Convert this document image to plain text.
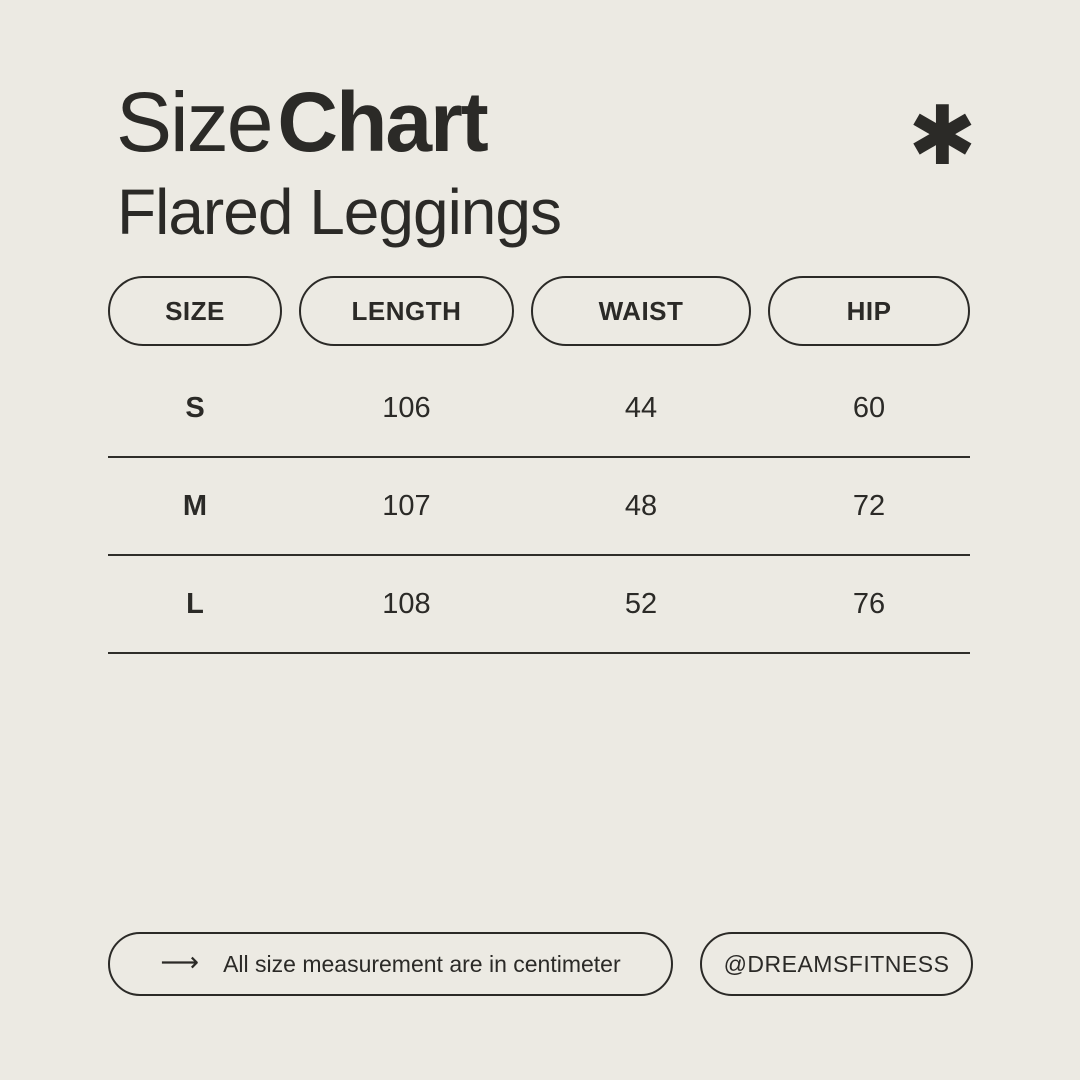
SizeChart
Flared Leggings
✱
SIZE	LENGTH	WAIST	HIP
S	106	44	60
M	107	48	72
L	108	52	76
⟶ All size measurement are in centimeter	@DREAMSFITNESS
